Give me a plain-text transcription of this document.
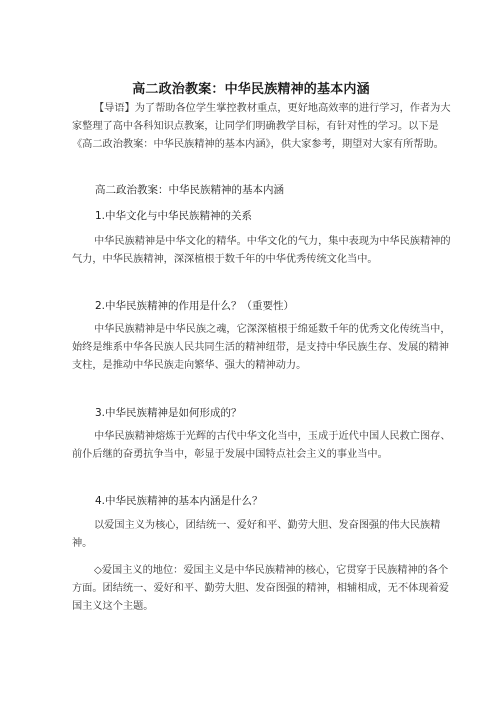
高二政治教案：中华民族精神的基本内涵

【导语】为了帮助各位学生掌控教材重点，更好地高效率的进行学习，作者为大家整理了高中各科知识点教案，让同学们明确教学目标，有针对性的学习。以下是《高二政治教案：中华民族精神的基本内涵》，供大家参考，期望对大家有所帮助。

高二政治教案：中华民族精神的基本内涵
1.中华文化与中华民族精神的关系

中华民族精神是中华文化的精华。中华文化的气力，集中表现为中华民族精神的气力，中华民族精神，深深植根于数千年的中华优秀传统文化当中。

2.中华民族精神的作用是什么？（重要性）

中华民族精神是中华民族之魂，它深深植根于绵延数千年的优秀文化传统当中，始终是维系中华各民族人民共同生活的精神纽带，是支持中华民族生存、发展的精神支柱，是推动中华民族走向繁华、强大的精神动力。

3.中华民族精神是如何形成的？

中华民族精神熔炼于光辉的古代中华文化当中，玉成于近代中国人民救亡图存、前仆后继的奋勇抗争当中，彰显于发展中国特点社会主义的事业当中。

4.中华民族精神的基本内涵是什么？

以爱国主义为核心，团结统一、爱好和平、勤劳大胆、发奋图强的伟大民族精神。

◇爱国主义的地位：爱国主义是中华民族精神的核心，它贯穿于民族精神的各个方面。团结统一、爱好和平、勤劳大胆、发奋图强的精神，相辅相成，无不体现着爱国主义这个主题。
